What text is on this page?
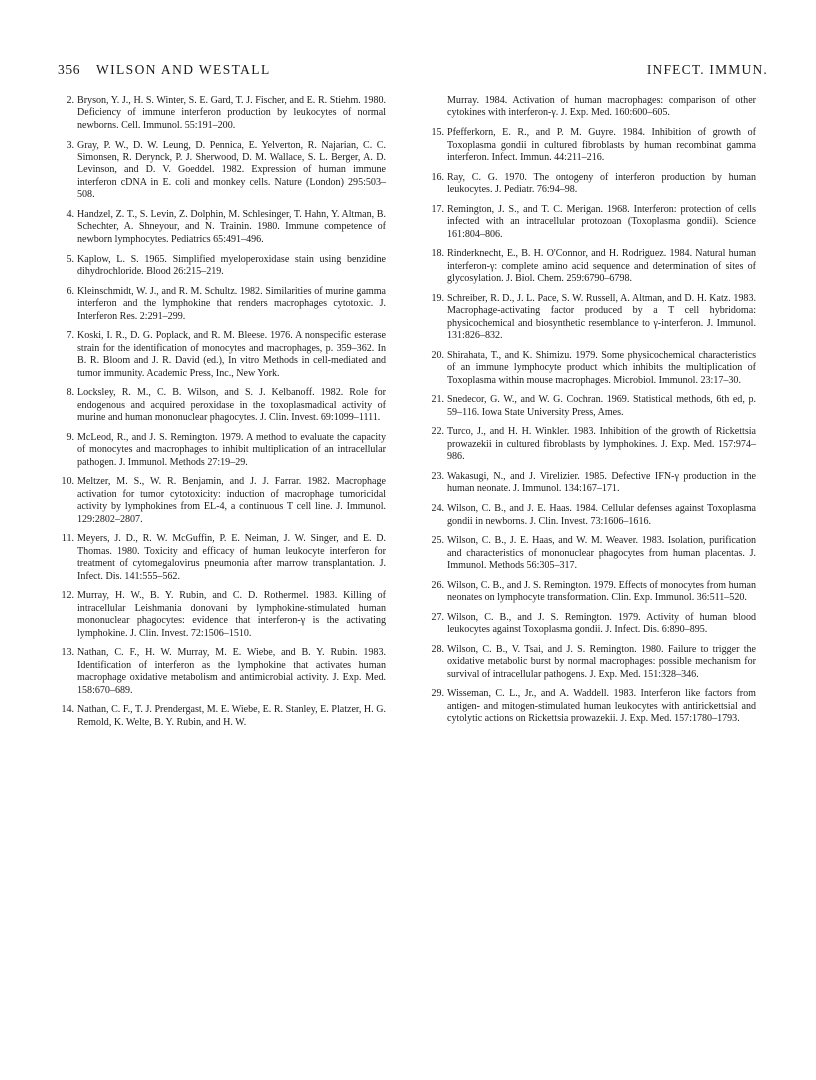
356 WILSON AND WESTALL	INFECT. IMMUN.
2. Bryson, Y. J., H. S. Winter, S. E. Gard, T. J. Fischer, and E. R. Stiehm. 1980. Deficiency of immune interferon production by leukocytes of normal newborns. Cell. Immunol. 55:191–200.
3. Gray, P. W., D. W. Leung, D. Pennica, E. Yelverton, R. Najarian, C. C. Simonsen, R. Derynck, P. J. Sherwood, D. M. Wallace, S. L. Berger, A. D. Levinson, and D. V. Goeddel. 1982. Expression of human immune interferon cDNA in E. coli and monkey cells. Nature (London) 295:503–508.
4. Handzel, Z. T., S. Levin, Z. Dolphin, M. Schlesinger, T. Hahn, Y. Altman, B. Schechter, A. Shneyour, and N. Trainin. 1980. Immune competence of newborn lymphocytes. Pediatrics 65:491–496.
5. Kaplow, L. S. 1965. Simplified myeloperoxidase stain using benzidine dihydrochloride. Blood 26:215–219.
6. Kleinschmidt, W. J., and R. M. Schultz. 1982. Similarities of murine gamma interferon and the lymphokine that renders macrophages cytotoxic. J. Interferon Res. 2:291–299.
7. Koski, I. R., D. G. Poplack, and R. M. Bleese. 1976. A nonspecific esterase strain for the identification of monocytes and macrophages, p. 359–362. In B. R. Bloom and J. R. David (ed.), In vitro Methods in cell-mediated and tumor immunity. Academic Press, Inc., New York.
8. Locksley, R. M., C. B. Wilson, and S. J. Kelbanoff. 1982. Role for endogenous and acquired peroxidase in the toxoplasmadical activity of murine and human mononuclear phagocytes. J. Clin. Invest. 69:1099–1111.
9. McLeod, R., and J. S. Remington. 1979. A method to evaluate the capacity of monocytes and macrophages to inhibit multiplication of an intracellular pathogen. J. Immunol. Methods 27:19–29.
10. Meltzer, M. S., W. R. Benjamin, and J. J. Farrar. 1982. Macrophage activation for tumor cytotoxicity: induction of macrophage tumoricidal activity by lymphokines from EL-4, a continuous T cell line. J. Immunol. 129:2802–2807.
11. Meyers, J. D., R. W. McGuffin, P. E. Neiman, J. W. Singer, and E. D. Thomas. 1980. Toxicity and efficacy of human leukocyte interferon for treatment of cytomegalovirus pneumonia after marrow transplantation. J. Infect. Dis. 141:555–562.
12. Murray, H. W., B. Y. Rubin, and C. D. Rothermel. 1983. Killing of intracellular Leishmania donovani by lymphokine-stimulated human mononuclear phagocytes: evidence that interferon-γ is the activating lymphokine. J. Clin. Invest. 72:1506–1510.
13. Nathan, C. F., H. W. Murray, M. E. Wiebe, and B. Y. Rubin. 1983. Identification of interferon as the lymphokine that activates human macrophage oxidative metabolism and antimicrobial activity. J. Exp. Med. 158:670–689.
14. Nathan, C. F., T. J. Prendergast, M. E. Wiebe, E. R. Stanley, E. Platzer, H. G. Remold, K. Welte, B. Y. Rubin, and H. W.
Murray. 1984. Activation of human macrophages: comparison of other cytokines with interferon-γ. J. Exp. Med. 160:600–605.
15. Pfefferkorn, E. R., and P. M. Guyre. 1984. Inhibition of growth of Toxoplasma gondii in cultured fibroblasts by human recombinat gamma interferon. Infect. Immun. 44:211–216.
16. Ray, C. G. 1970. The ontogeny of interferon production by human leukocytes. J. Pediatr. 76:94–98.
17. Remington, J. S., and T. C. Merigan. 1968. Interferon: protection of cells infected with an intracellular protozoan (Toxoplasma gondii). Science 161:804–806.
18. Rinderknecht, E., B. H. O'Connor, and H. Rodriguez. 1984. Natural human interferon-γ: complete amino acid sequence and determination of sites of glycosylation. J. Biol. Chem. 259:6790–6798.
19. Schreiber, R. D., J. L. Pace, S. W. Russell, A. Altman, and D. H. Katz. 1983. Macrophage-activating factor produced by a T cell hybridoma: physicochemical and biosynthetic resemblance to γ-interferon. J. Immunol. 131:826–832.
20. Shirahata, T., and K. Shimizu. 1979. Some physicochemical characteristics of an immune lymphocyte product which inhibits the multiplication of Toxoplasma within mouse macrophages. Microbiol. Immunol. 23:17–30.
21. Snedecor, G. W., and W. G. Cochran. 1969. Statistical methods, 6th ed, p. 59–116. Iowa State University Press, Ames.
22. Turco, J., and H. H. Winkler. 1983. Inhibition of the growth of Rickettsia prowazekii in cultured fibroblasts by lymphokines. J. Exp. Med. 157:974–986.
23. Wakasugi, N., and J. Virelizier. 1985. Defective IFN-γ production in the human neonate. J. Immunol. 134:167–171.
24. Wilson, C. B., and J. E. Haas. 1984. Cellular defenses against Toxoplasma gondii in newborns. J. Clin. Invest. 73:1606–1616.
25. Wilson, C. B., J. E. Haas, and W. M. Weaver. 1983. Isolation, purification and characteristics of mononuclear phagocytes from human placentas. J. Immunol. Methods 56:305–317.
26. Wilson, C. B., and J. S. Remington. 1979. Effects of monocytes from human neonates on lymphocyte transformation. Clin. Exp. Immunol. 36:511–520.
27. Wilson, C. B., and J. S. Remington. 1979. Activity of human blood leukocytes against Toxoplasma gondii. J. Infect. Dis. 6:890–895.
28. Wilson, C. B., V. Tsai, and J. S. Remington. 1980. Failure to trigger the oxidative metabolic burst by normal macrophages: possible mechanism for survival of intracellular pathogens. J. Exp. Med. 151:328–346.
29. Wisseman, C. L., Jr., and A. Waddell. 1983. Interferon like factors from antigen- and mitogen-stimulated human leukocytes with antirickettsial and cytolytic actions on Rickettsia prowazekii. J. Exp. Med. 157:1780–1793.
